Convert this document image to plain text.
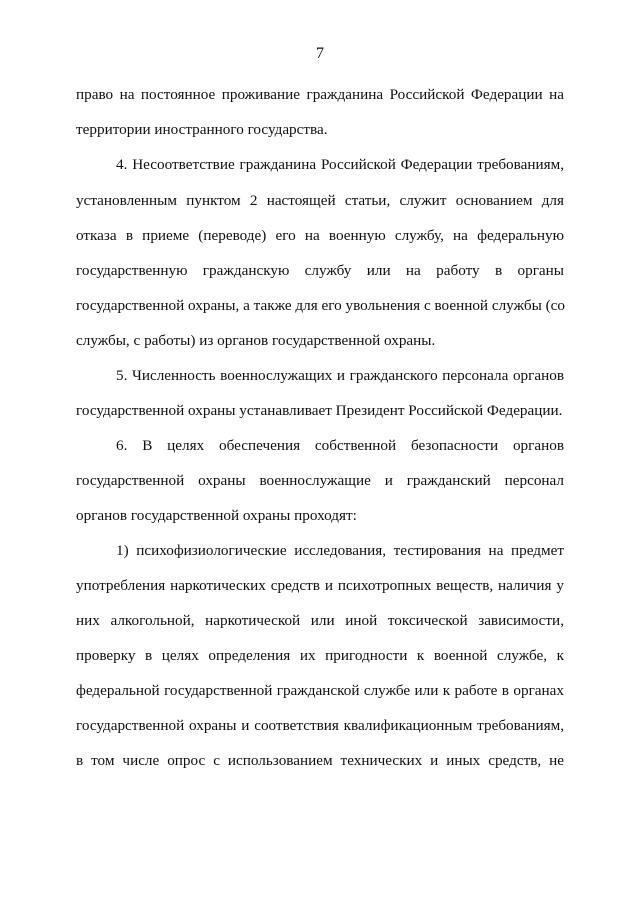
7
право на постоянное проживание гражданина Российской Федерации на
территории иностранного государства.
4. Несоответствие гражданина Российской Федерации требованиям,
установленным пунктом 2 настоящей статьи, служит основанием для
отказа в приеме (переводе) его на военную службу, на федеральную
государственную гражданскую службу или на работу в органы
государственной охраны, а также для его увольнения с военной службы (со
службы, с работы) из органов государственной охраны.
5. Численность военнослужащих и гражданского персонала органов
государственной охраны устанавливает Президент Российской Федерации.
6. В целях обеспечения собственной безопасности органов
государственной охраны военнослужащие и гражданский персонал
органов государственной охраны проходят:
1) психофизиологические исследования, тестирования на предмет
употребления наркотических средств и психотропных веществ, наличия у
них алкогольной, наркотической или иной токсической зависимости,
проверку в целях определения их пригодности к военной службе, к
федеральной государственной гражданской службе или к работе в органах
государственной охраны и соответствия квалификационным требованиям,
в том числе опрос с использованием технических и иных средств, не
